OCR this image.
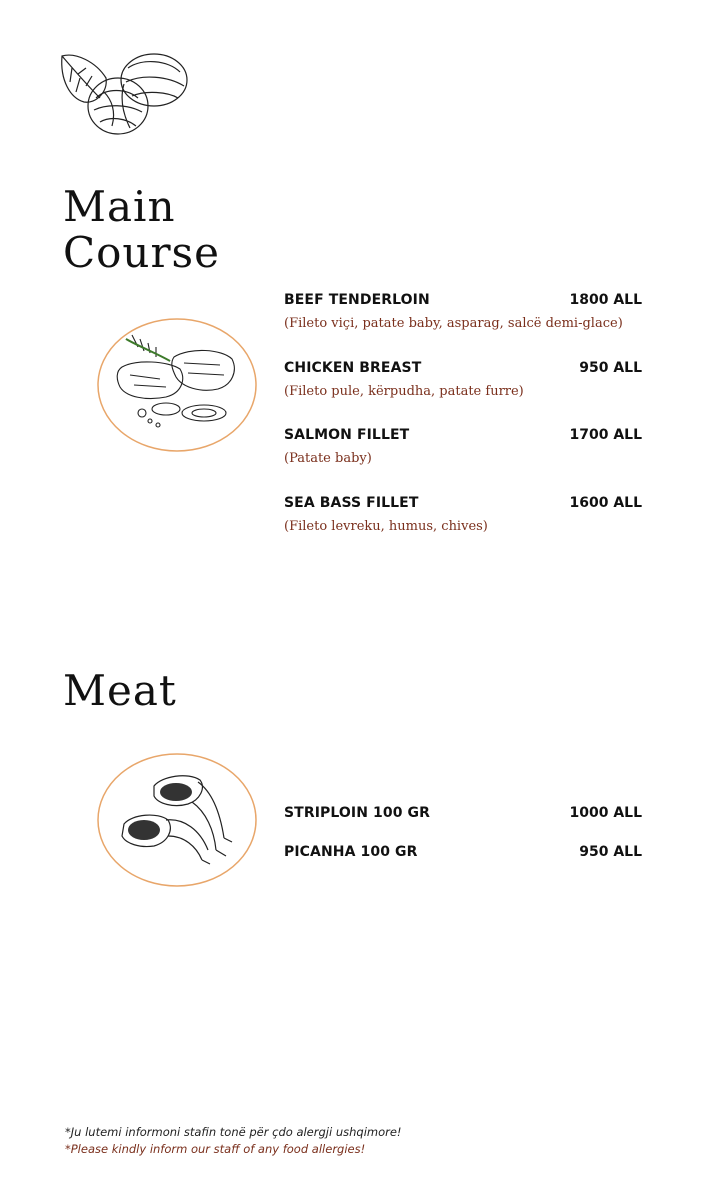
Main
Course
BEEF TENDERLOIN	1800 ALL
(Fileto viçi, patate baby, asparag, salcë demi-glace)
CHICKEN BREAST	950 ALL
(Fileto pule, kërpudha, patate furre)
SALMON FILLET	1700 ALL
(Patate baby)
SEA BASS FILLET	1600 ALL
(Fileto levreku, humus, chives)
Meat
STRIPLOIN 100 GR	1000 ALL
PICANHA 100 GR	950 ALL
*Ju lutemi informoni stafin tonë për çdo alergji ushqimore!
*Please kindly inform our staff of any food allergies!
